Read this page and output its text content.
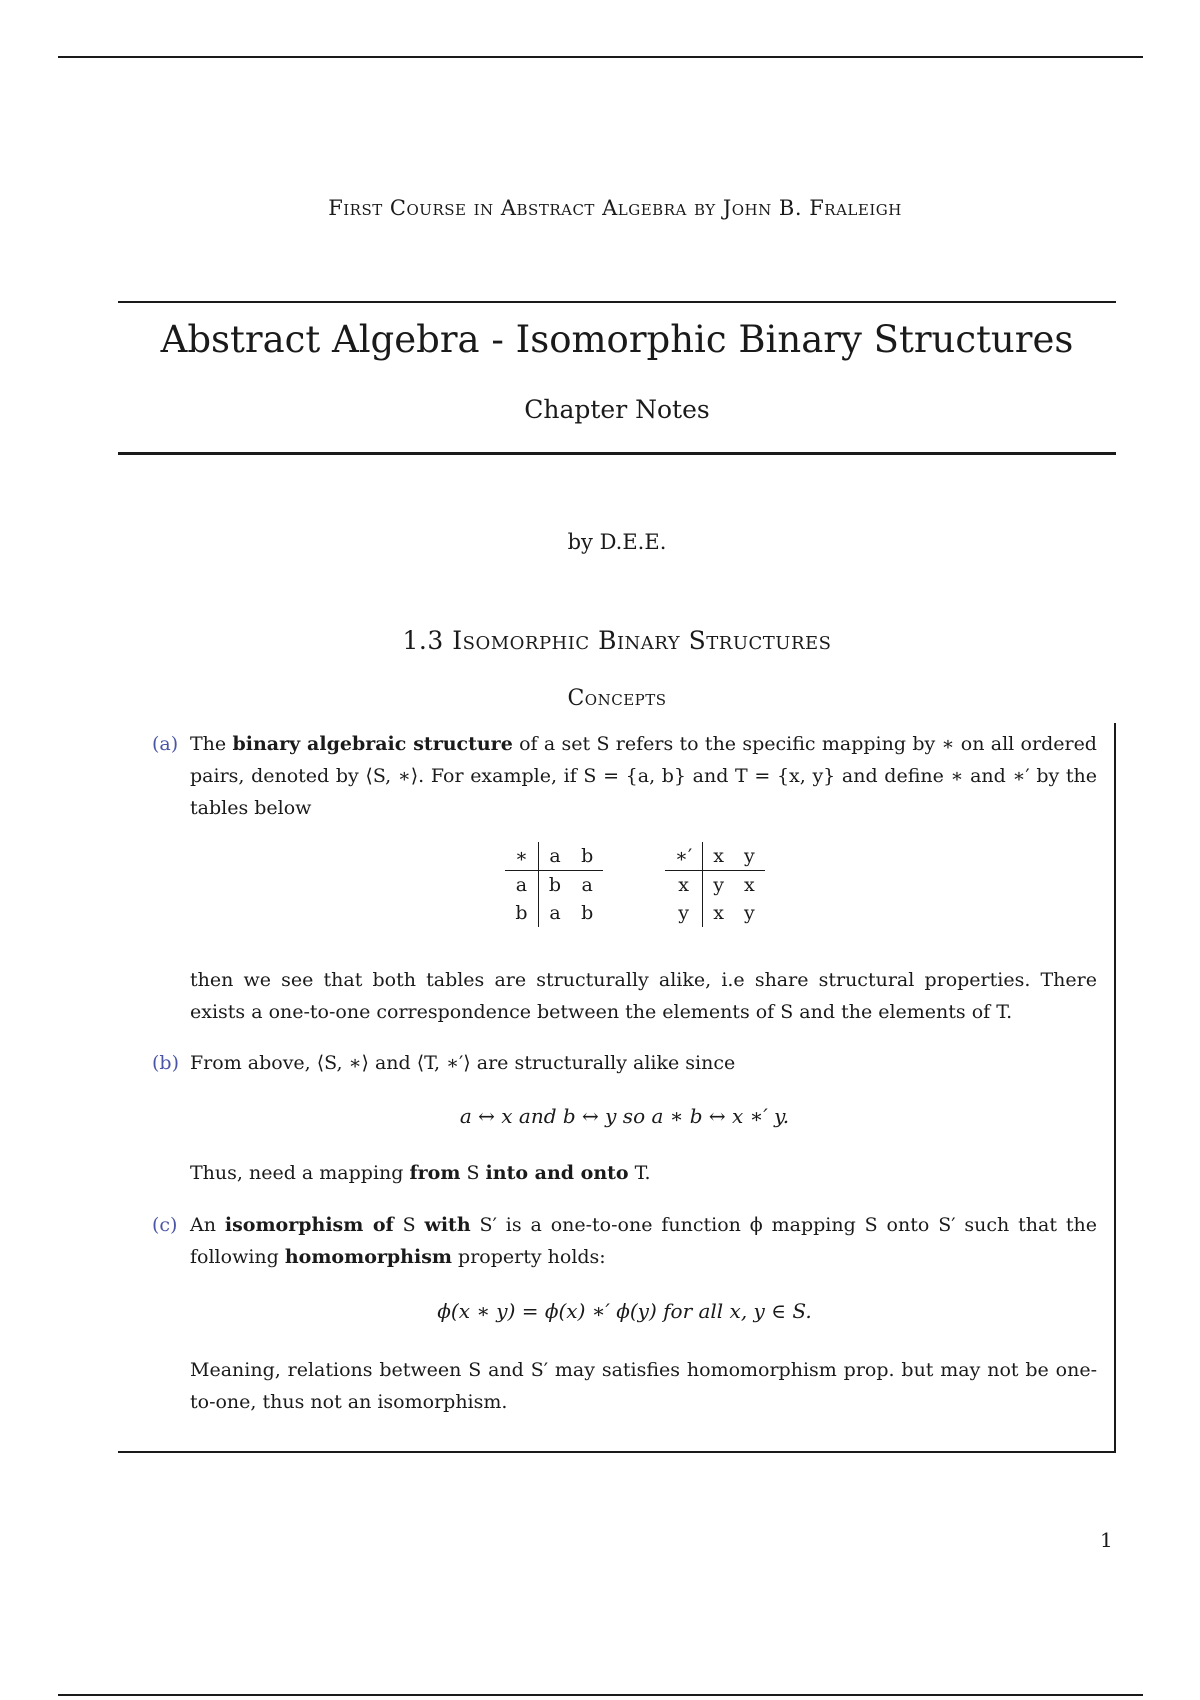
First Course in Abstract Algebra by John B. Fraleigh
Abstract Algebra - Isomorphic Binary Structures
Chapter Notes
by D.E.E.
1.3 Isomorphic Binary Structures
Concepts
(a) The binary algebraic structure of a set S refers to the specific mapping by ∗ on all ordered pairs, denoted by ⟨S, ∗⟩. For example, if S = {a, b} and T = {x, y} and define ∗ and ∗′ by the tables below
∗	a	b
a	b	a
b	a	b
∗′	x	y
x	y	x
y	x	y
then we see that both tables are structurally alike, i.e share structural properties. There exists a one-to-one correspondence between the elements of S and the elements of T.
(b) From above, ⟨S, ∗⟩ and ⟨T, ∗′⟩ are structurally alike since
a ↔ x and b ↔ y so a ∗ b ↔ x ∗′ y.
Thus, need a mapping from S into and onto T.
(c) An isomorphism of S with S′ is a one-to-one function ϕ mapping S onto S′ such that the following homomorphism property holds:
ϕ(x ∗ y) = ϕ(x) ∗′ ϕ(y) for all x, y ∈ S.
Meaning, relations between S and S′ may satisfies homomorphism prop. but may not be one-to-one, thus not an isomorphism.
1
